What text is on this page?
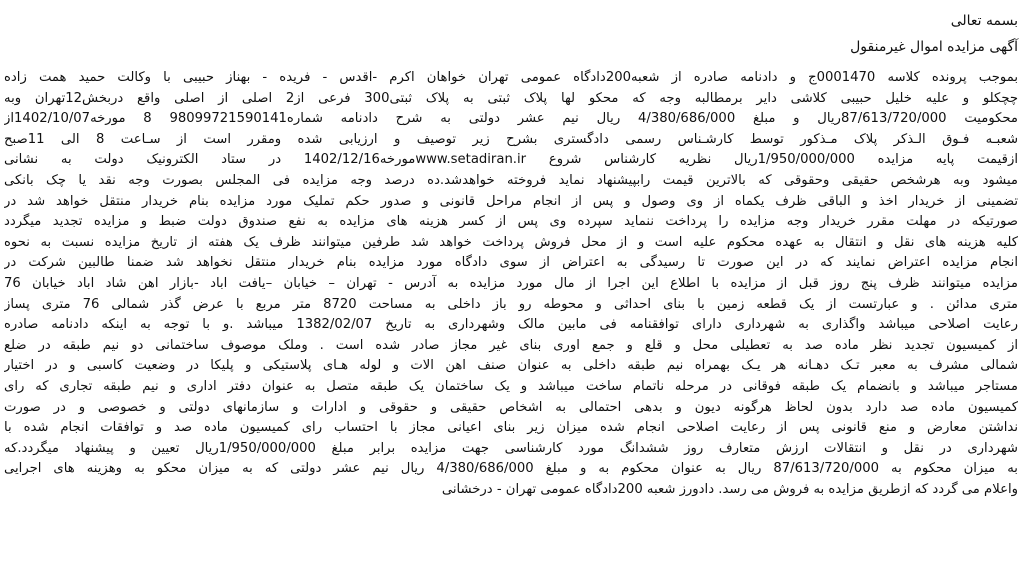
بسمه تعالی
آگهی مزایده اموال غیرمنقول
بموجب پرونده کلاسه 0001470ج و دادنامه صادره از شعبه200دادگاه عمومی تهران خواهان اکرم -اقدس - فریده - بهناز حبیبی با وکالت حمید همت زاده
چچکلو و علیه خلیل حبیبی کلاشی دایر برمطالبه وجه که محکو لها پلاک ثبتی به پلاک ثبتی300 فرعی از2 اصلی از اصلی واقع دربخش12تهران وبه
محکومیت 87/613/720/000ریال و مبلغ 4/380/686/000 ریال نیم عشر دولتی به شرح دادنامه شماره98099721590141 8 مورخه1402/10/07از
شعبـه فـوق الـذکر پلاک مـذکور توسط کارشـناس رسمی دادگستری بشرح زیر توصیف و ارزیابی شده ومقرر است از سـاعت 8 الی 11صبح
ازقیمت پایه مزایده 1/950/000/000ریال نظریه کارشناس شروع www.setadiran.irمورخه1402/12/16 در ستاد الکترونیک دولت به نشانی
میشود وبه هرشخص حقیقی وحقوقی که بالاترین قیمت رابپیشنهاد نماید فروخته خواهدشد.ده درصد وجه مزایده فی المجلس بصورت وجه نقد یا چک بانکی
تضمینی از خریدار اخذ و الباقی ظرف یکماه از وی وصول و پس از انجام مراحل قانونی و صدور حکم تملیک مورد مزایده بنام خریدار منتقل خواهد شد در
صورتیکه در مهلت مقرر خریدار وجه مزایده را پرداخت ننماید سپرده وی پس از کسر هزینه های مزایده به نفع صندوق دولت ضبط و مزایده تجدید میگردد
کلیه هزینه های نقل و انتقال به عهده محکوم علیه است و از محل فروش پرداخت خواهد شد طرفین میتوانند ظرف یک هفته از تاریخ مزایده نسبت به نحوه
انجام مزایده اعتراض نمایند که در این صورت تا رسیدگی به اعتراض از سوی دادگاه مورد مزایده بنام خریدار منتقل نخواهد شد ضمنا طالبین شرکت در
مزایده میتوانند ظرف پنج روز قبل از مزایده با اطلاع این اجرا از مال مورد مزایده به آدرس - تهران – خیابان –یافت اباد -بازار اهن شاد اباد خیابان 76
متری مدائن . و عبارتست از یک قطعه زمین با بنای احداثی و محوطه رو باز داخلی به مساحت 8720 متر مربع با عرض گذر شمالی 76 متری پساز
رعایت اصلاحی میباشد واگذاری به شهرداری دارای توافقنامه فی مابین مالک وشهرداری به تاریخ 1382/02/07 میباشد .و با توجه به اینکه دادنامه صادره
از کمیسیون تجدید نظر ماده صد به تعطیلی محل و قلع و جمع اوری بنای غیر مجاز صادر شده است . وملک موصوف ساختمانی دو نیم طبقه در ضلع
شمالی مشرف به معبر تـک دهـانه هر یـک بهمراه نیم طبقه داخلی به عنوان صنف اهن الات و لوله هـای پلاستیکی و پلیکا در وضعیت کاسبی و در اختیار
مستاجر میباشد و بانضمام یک طبقه فوقانی در مرحله ناتمام ساخت میباشد و یک ساختمان یک طبقه متصل به عنوان دفتر اداری و نیم طبقه تجاری که رای
کمیسیون ماده صد دارد بدون لحاظ هرگونه دیون و بدهی احتمالی به اشخاص حقیقی و حقوقی و ادارات و سازمانهای دولتی و خصوصی و در صورت
نداشتن معارض و منع قانونی پس از رعایت اصلاحی انجام شده میزان زیر بنای اعیانی مجاز با احتساب رای کمیسیون ماده صد و توافقات انجام شده با
شهرداری در نقل و انتقالات ارزش متعارف روز ششدانگ مورد کارشناسی جهت مزایده برابر مبلغ 1/950/000/000ریال تعیین و پیشنهاد میگردد.که
به میزان محکوم به 87/613/720/000 ریال به عنوان محکوم به و مبلغ 4/380/686/000 ریال نیم عشر دولتی که به میزان محکو به وهزینه های اجرایی
واعلام می گردد که ازطریق مزایده به فروش می رسد. دادورز شعبه 200دادگاه عمومی تهران - درخشانی
